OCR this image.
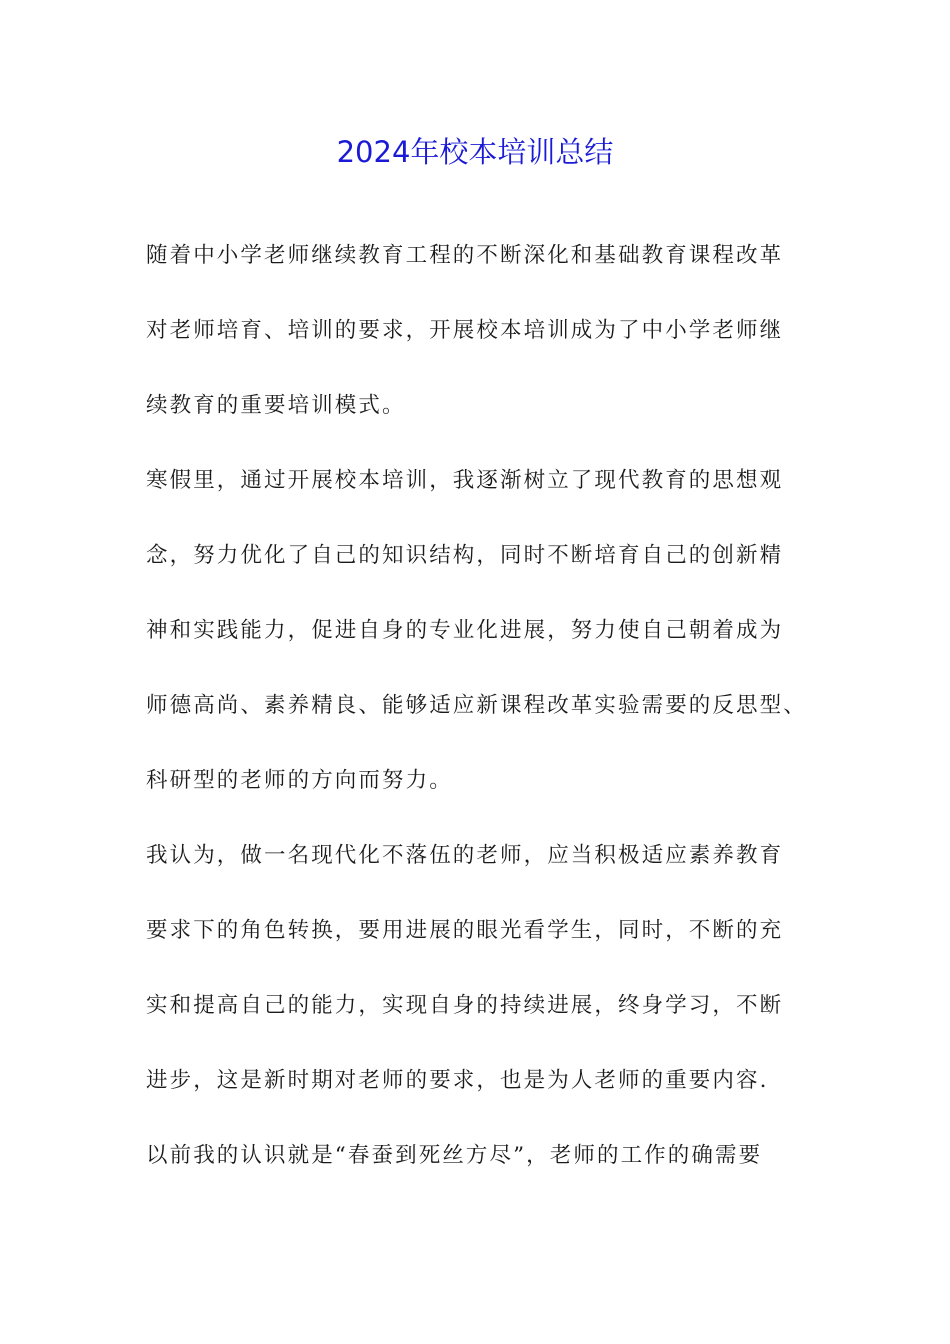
2024年校本培训总结
随着中小学老师继续教育工程的不断深化和基础教育课程改革
对老师培育、培训的要求，开展校本培训成为了中小学老师继
续教育的重要培训模式。
寒假里，通过开展校本培训，我逐渐树立了现代教育的思想观
念，努力优化了自己的知识结构，同时不断培育自己的创新精
神和实践能力，促进自身的专业化进展，努力使自己朝着成为
师德高尚、素养精良、能够适应新课程改革实验需要的反思型、
科研型的老师的方向而努力。
我认为，做一名现代化不落伍的老师，应当积极适应素养教育
要求下的角色转换，要用进展的眼光看学生，同时，不断的充
实和提高自己的能力，实现自身的持续进展，终身学习，不断
进步，这是新时期对老师的要求，也是为人老师的重要内容.
以前我的认识就是“春蚕到死丝方尽”，老师的工作的确需要
